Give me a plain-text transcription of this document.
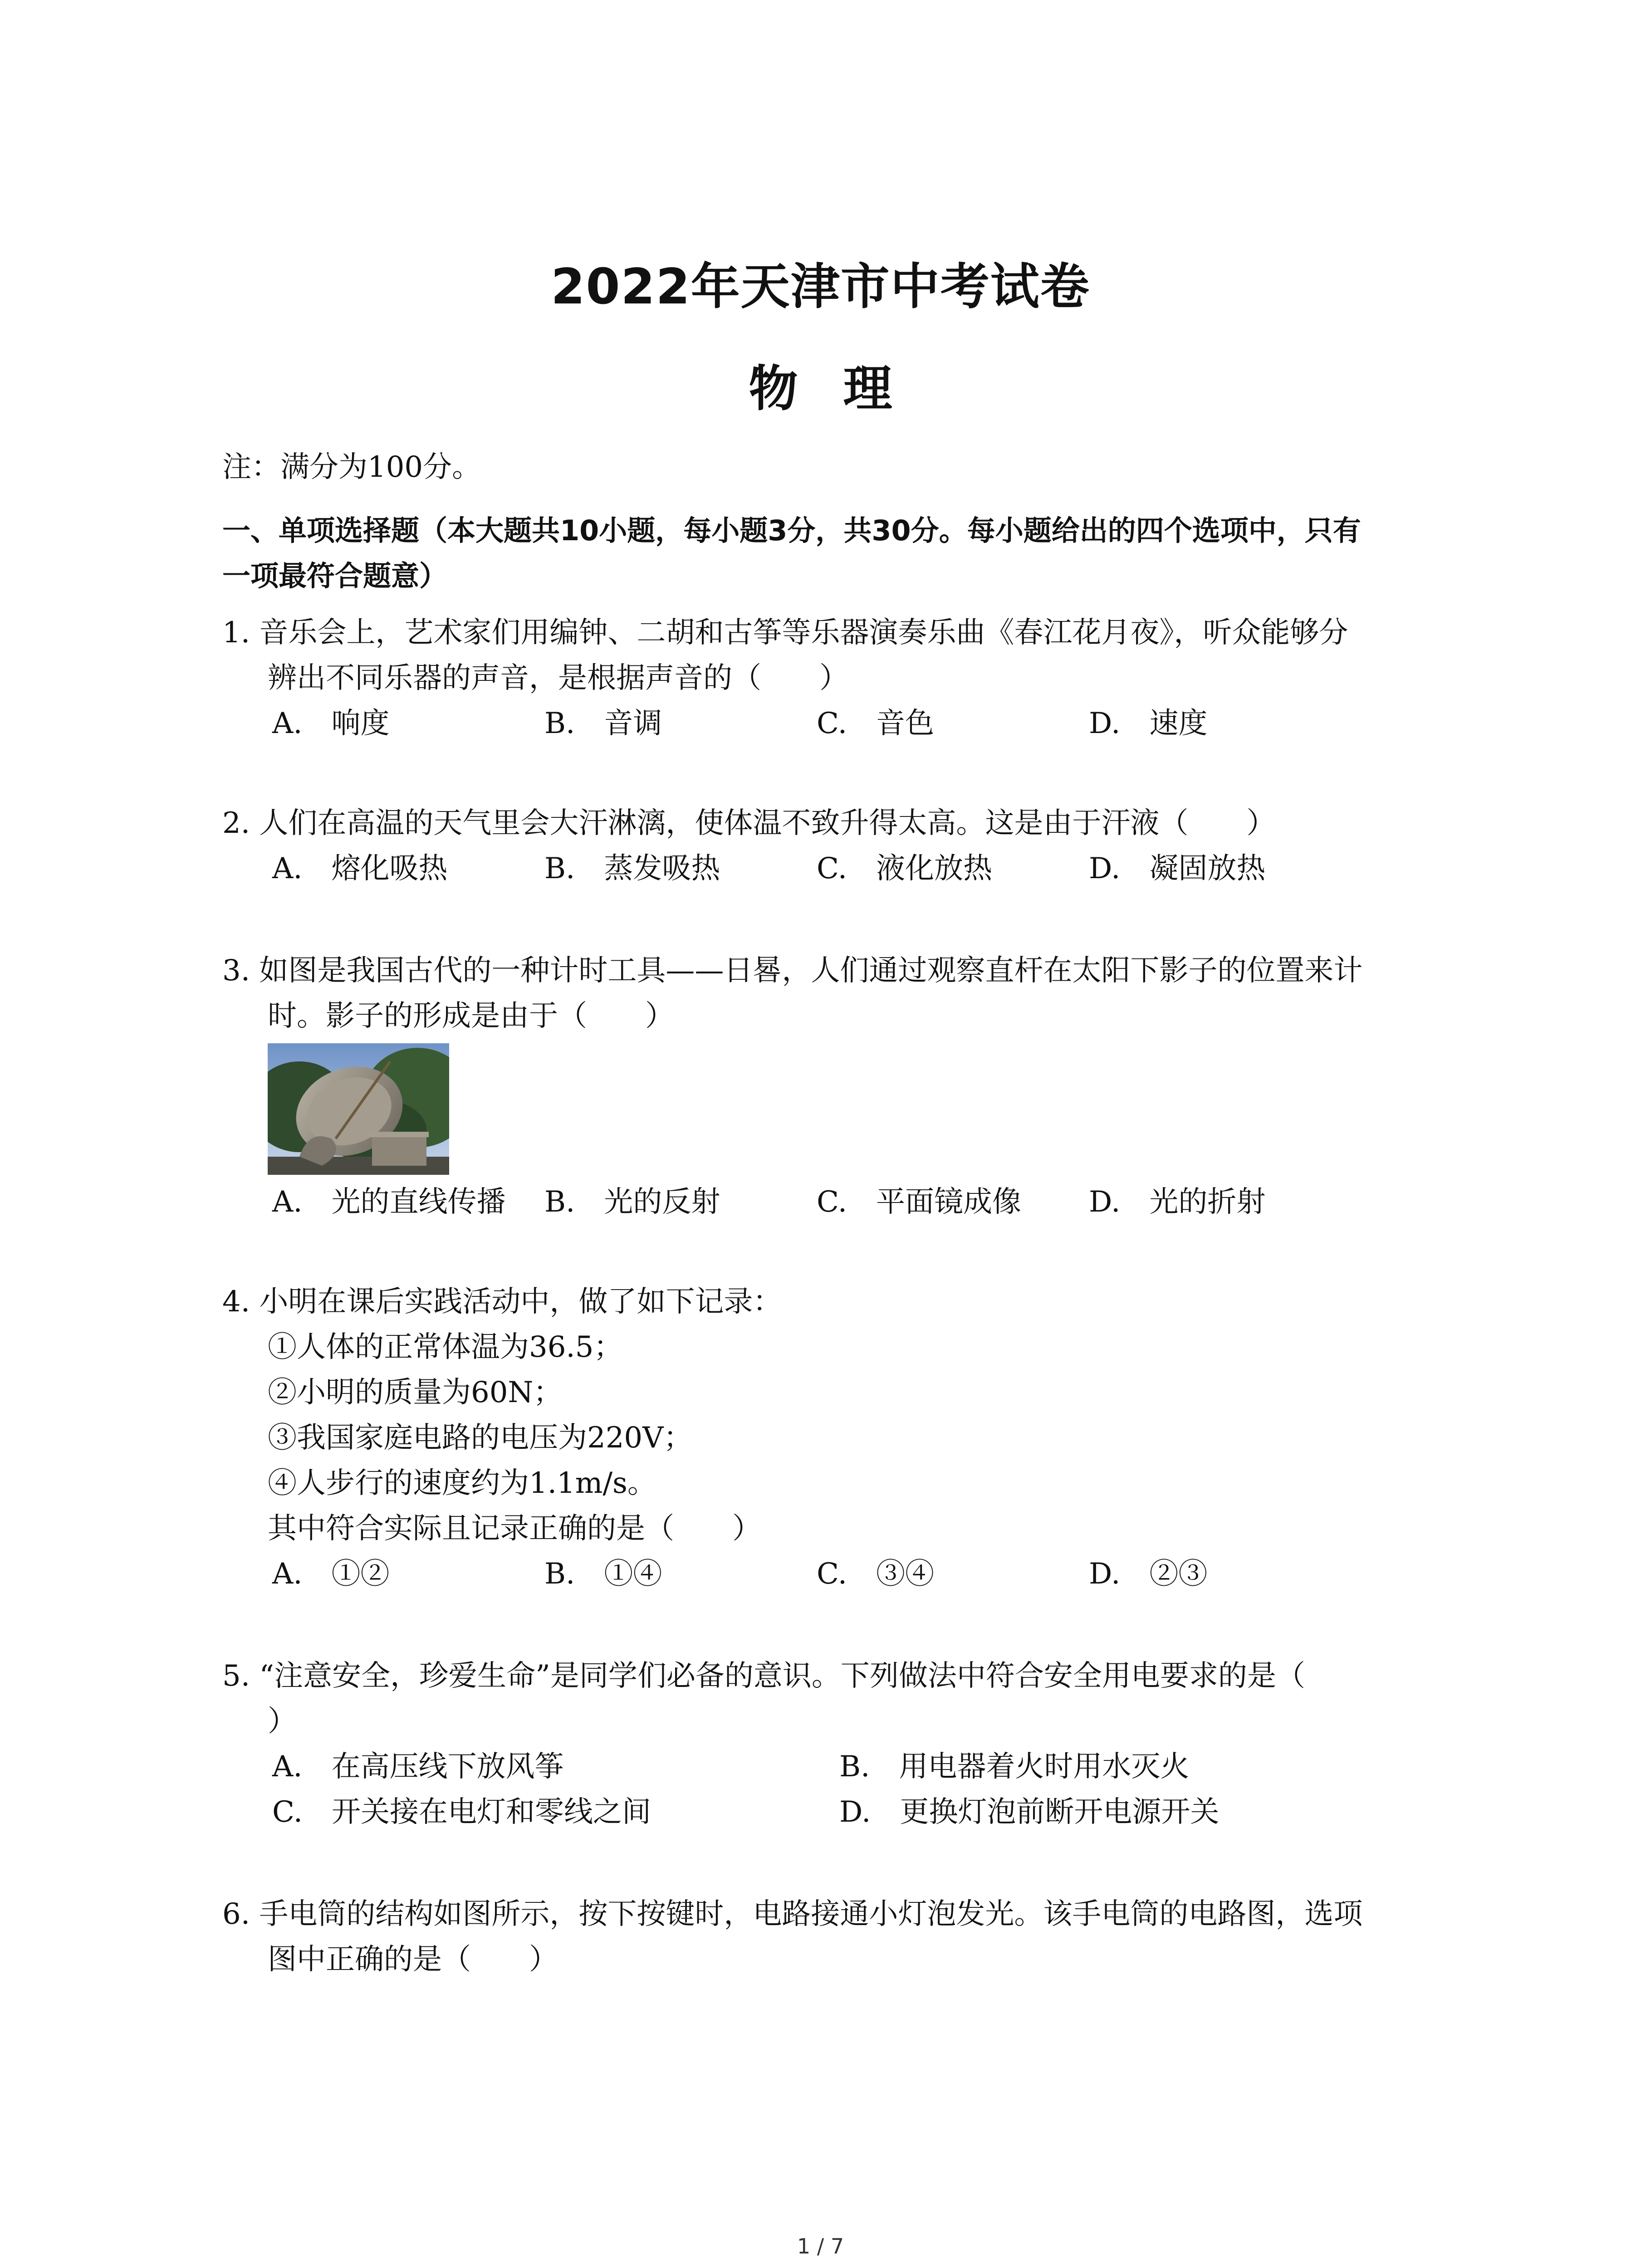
2022年天津市中考试卷
物 理
注：满分为100分。
一、单项选择题（本大题共10小题，每小题3分，共30分。每小题给出的四个选项中，只有
一项最符合题意）
1. 音乐会上，艺术家们用编钟、二胡和古筝等乐器演奏乐曲《春江花月夜》，听众能够分
辨出不同乐器的声音，是根据声音的（　　）
A.　响度	B.　音调	C.　音色	D.　速度
2. 人们在高温的天气里会大汗淋漓，使体温不致升得太高。这是由于汗液（　　）
A.　熔化吸热	B.　蒸发吸热	C.　液化放热	D.　凝固放热
3. 如图是我国古代的一种计时工具——日晷，人们通过观察直杆在太阳下影子的位置来计
时。影子的形成是由于（　　）
A.　光的直线传播 B.　光的反射	C.　平面镜成像 D.　光的折射
4. 小明在课后实践活动中，做了如下记录：
①人体的正常体温为36.5；
②小明的质量为60N；
③我国家庭电路的电压为220V；
④人步行的速度约为1.1m/s。
其中符合实际且记录正确的是（　　）
A.　①②	B.　①④	C.　③④	D.　②③
5. “注意安全，珍爱生命”是同学们必备的意识。下列做法中符合安全用电要求的是（
）
A.　在高压线下放风筝	B.　用电器着火时用水灭火
C.　开关接在电灯和零线之间	D.　更换灯泡前断开电源开关
6. 手电筒的结构如图所示，按下按键时，电路接通小灯泡发光。该手电筒的电路图，选项
图中正确的是（　　）
1 / 7
